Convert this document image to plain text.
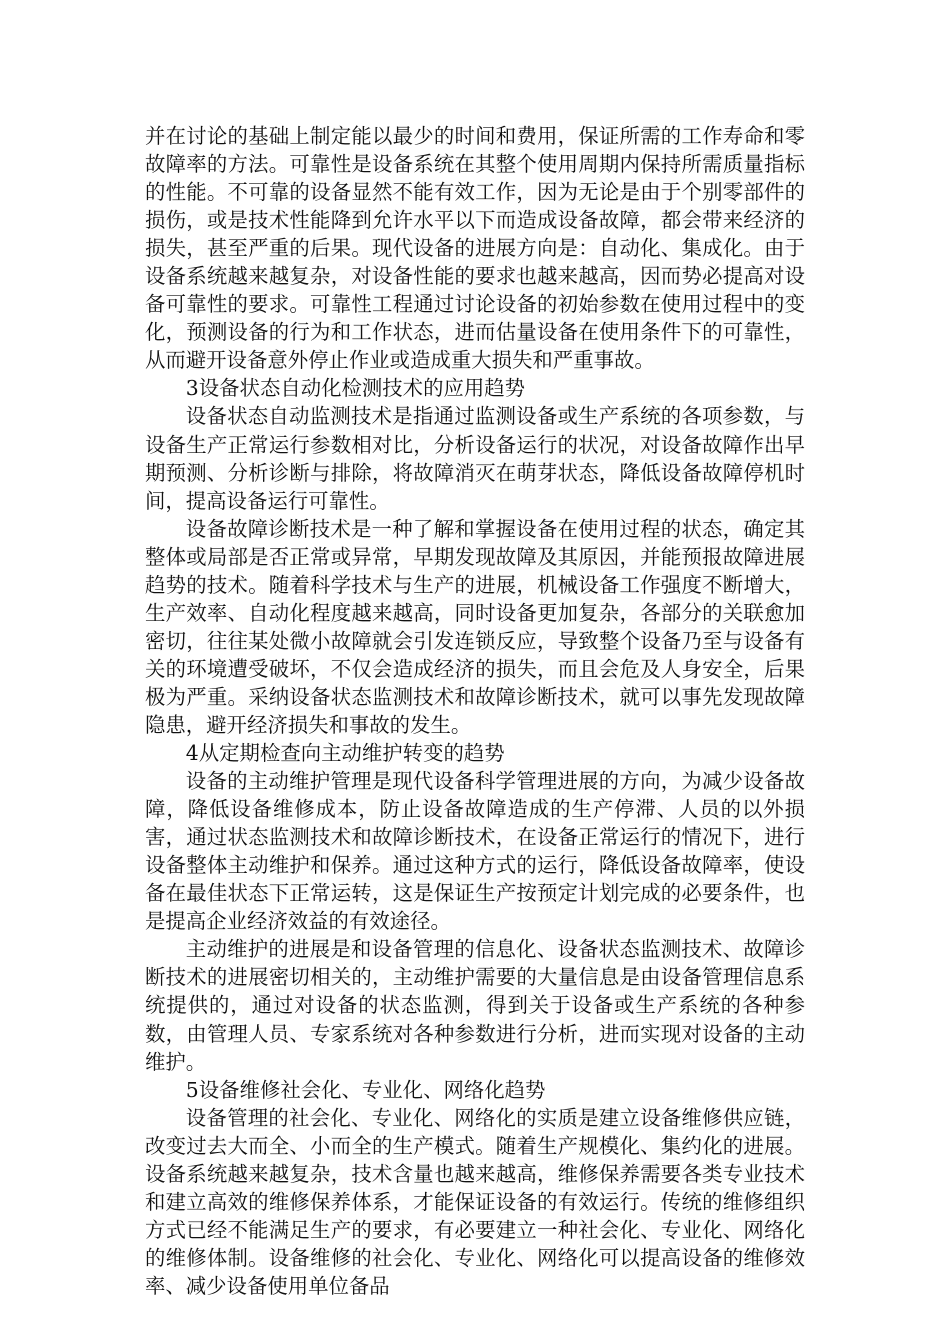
并在讨论的基础上制定能以最少的时间和费用，保证所需的工作寿命和零故障率的方法。可靠性是设备系统在其整个使用周期内保持所需质量指标的性能。不可靠的设备显然不能有效工作，因为无论是由于个别零部件的损伤，或是技术性能降到允许水平以下而造成设备故障，都会带来经济的损失，甚至严重的后果。现代设备的进展方向是：自动化、集成化。由于设备系统越来越复杂，对设备性能的要求也越来越高，因而势必提高对设备可靠性的要求。可靠性工程通过讨论设备的初始参数在使用过程中的变化，预测设备的行为和工作状态，进而估量设备在使用条件下的可靠性，从而避开设备意外停止作业或造成重大损失和严重事故。

3设备状态自动化检测技术的应用趋势

设备状态自动监测技术是指通过监测设备或生产系统的各项参数，与设备生产正常运行参数相对比，分析设备运行的状况，对设备故障作出早期预测、分析诊断与排除，将故障消灭在萌芽状态，降低设备故障停机时间，提高设备运行可靠性。

设备故障诊断技术是一种了解和掌握设备在使用过程的状态，确定其整体或局部是否正常或异常，早期发现故障及其原因，并能预报故障进展趋势的技术。随着科学技术与生产的进展，机械设备工作强度不断增大，生产效率、自动化程度越来越高，同时设备更加复杂，各部分的关联愈加密切，往往某处微小故障就会引发连锁反应，导致整个设备乃至与设备有关的环境遭受破坏，不仅会造成经济的损失，而且会危及人身安全，后果极为严重。采纳设备状态监测技术和故障诊断技术，就可以事先发现故障隐患，避开经济损失和事故的发生。

4从定期检查向主动维护转变的趋势

设备的主动维护管理是现代设备科学管理进展的方向，为减少设备故障，降低设备维修成本，防止设备故障造成的生产停滞、人员的以外损害，通过状态监测技术和故障诊断技术，在设备正常运行的情况下，进行设备整体主动维护和保养。通过这种方式的运行，降低设备故障率，使设备在最佳状态下正常运转，这是保证生产按预定计划完成的必要条件，也是提高企业经济效益的有效途径。

主动维护的进展是和设备管理的信息化、设备状态监测技术、故障诊断技术的进展密切相关的，主动维护需要的大量信息是由设备管理信息系统提供的，通过对设备的状态监测，得到关于设备或生产系统的各种参数，由管理人员、专家系统对各种参数进行分析，进而实现对设备的主动维护。

5设备维修社会化、专业化、网络化趋势

设备管理的社会化、专业化、网络化的实质是建立设备维修供应链，改变过去大而全、小而全的生产模式。随着生产规模化、集约化的进展。设备系统越来越复杂，技术含量也越来越高，维修保养需要各类专业技术和建立高效的维修保养体系，才能保证设备的有效运行。传统的维修组织方式已经不能满足生产的要求，有必要建立一种社会化、专业化、网络化的维修体制。设备维修的社会化、专业化、网络化可以提高设备的维修效率、减少设备使用单位备品
